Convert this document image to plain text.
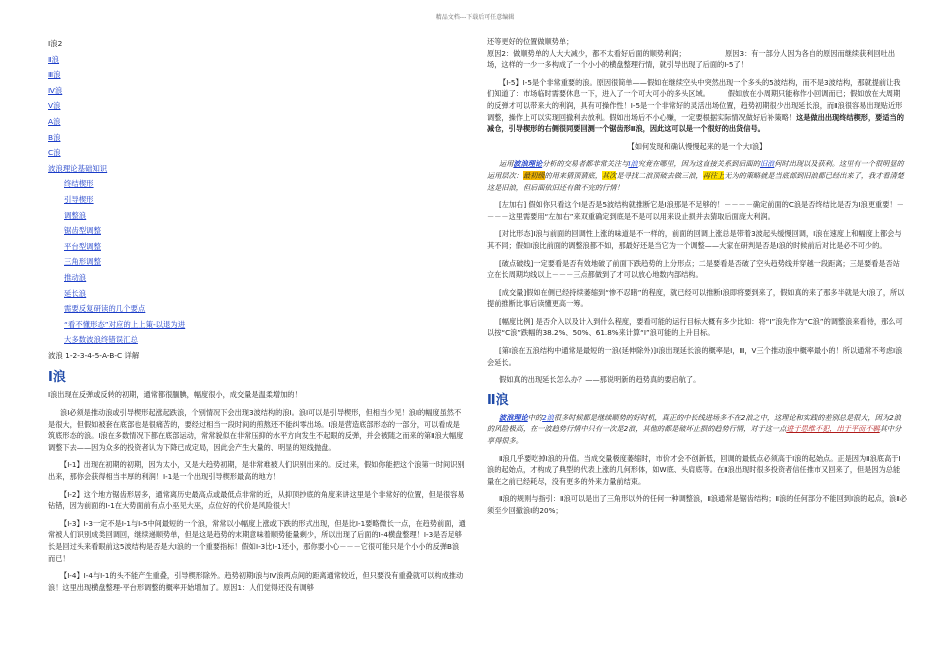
精品文档---下载后可任意编辑
Ⅰ浪2
Ⅱ浪
Ⅲ浪
Ⅳ浪
Ⅴ浪
A浪
B浪
C浪
波浪理论基础知识
终结楔形
引导楔形
调整浪
锯齿型调整
平台型调整
三角形调整
推动浪
延长浪
需要反复研读的几个要点
“看不懂形态”对应的上上策-以退为进
大多数波浪终错误汇总
波浪 1-2-3-4-5-A-B-C 详解
Ⅰ浪

Ⅰ浪出现在反弹或反转的初期，通常都很腼腆，幅度很小，成交量是温柔增加的！

浪Ⅰ必须是推动浪或引导楔形起涨起跌浪，个别情况下会出现3波结构的浪Ⅰ。浪Ⅰ可以是引导楔形，但相当少见！浪Ⅰ的幅度虽然不是很大，但假如被套在底部也是很痛苦的，要经过相当一段时间的煎熬还不能纠零出场。Ⅰ浪是营造底部形态的一部分，可以看成是筑底形态的浪。Ⅰ浪在多数情况下都在底部运动，常常貌似在非常压抑的水平方向发生不起眼的反弹，并会被随之而来的第Ⅱ浪大幅度调整下去——因为众多的投资者认为下降已成定局，因此会产生大量的、明显的短线抛盘。

【Ⅰ-1】出现在初期的初期，因为太小，又是大趋势初期，是非常难被人们识别出来的。反过来，假如你能把这个浪第一时间识别出来，那你会获得相当丰厚的利润！Ⅰ-1是一个出现引导楔形最高的地方！

【Ⅰ-2】这个地方锯齿形居多，通常离历史最高点或最低点非常的近，从抑顶抄底的角度来讲这里是个非常好的位置，但是很容易钻错，因为前面的Ⅰ-1在大势面前有点小巫见大巫，点位好的代价是风险很大！

【Ⅰ-3】Ⅰ-3一定不是Ⅰ-1与Ⅰ-5中间最短的一个浪，常常以小幅度上涨或下跌的形式出现，但是比Ⅰ-1要略微长一点，在趋势前面，通常被人们识别成类回调回，继续递顺势单，但是这是趋势的末期意味着顺势能量剩少，所以出现了后面的Ⅰ-4横盘整理！Ⅰ-3是否足够长是回过头来看眼前这5波结构是否是大Ⅰ浪的一个重要指标！假如Ⅰ-3比Ⅰ-1还小，那你要小心－－－它很可能只是个小小的反弹B浪而已！

【Ⅰ-4】Ⅰ-4与Ⅰ-1的头不能产生重叠，引导楔形除外。趋势初期Ⅰ浪与Ⅳ浪两点间的距离通常较近，但只要没有重叠就可以构成推动浪！这里出现横盘整理-平台形调整的概率开始增加了。原因1：人们觉得还没有调够

还等更好的位置做顺势单；
原因2：做顺势单的人大大减少，都不太看好后面的顺势利润；　　　　　　原因3：有一部分人因为各自的原因而继续获利回吐出场，这样的一少一多构成了一个小小的横盘整理行情，就引导出现了后面的Ⅰ-5了！

【Ⅰ-5】Ⅰ-5是个非常重要的浪。原因很简单——假如在继续空头中突然出现一个多头的5波结构，而不是3波结构，那就提前让我们知道了：市场临时需要休息一下，进入了一个可大可小的多头区域。　　　假如放在小周期只能称作小回调而已；假如放在大周期的反弹才可以带来大的利润，具有可操作性！Ⅰ-5是一个非常好的灵活出场位置，趋势初期很少出现延长浪，而Ⅱ浪很容易出现贴近形调整，操作上可以实现回撤利去放利。假如出场后不小心赚，一定要根据实际情况做好后补策略！这是做出出现终结楔形，要适当的减仓，引导楔形的右侧很同要回测一个锯齿形Ⅱ浪，因此这可以是一个很好的出货信号。

【如何发现和确认慢慢起来的是一个大Ⅰ浪】

运用波浪理论分析的交易者都非常关注与Ⅰ浪究竟在哪里，因为这直接关系到后面的旧浪何时出现以及获利。这里有一个很明显的运用层次：最初级的用来猜顶猜底，其次是寻找二浪顶破去做三浪，再往上无为的策略就是当底部到旧浪都已经出来了，我才看清楚这是旧浪，但后面依旧还有做不完的行情！

[左加右] 假如你只看这个Ⅰ是否是5波结构就推断它是Ⅰ浪那是不足够的！－－－－确定前面的C浪是否终结比是否为Ⅰ浪更重要！－－－－这里需要用“左加右”来双重确定到底是不是可以用来设止损并去猜取后面庞大利润。

[对比形态]Ⅰ浪与前面的回调性上涨的味道是不一样的，前面的回调上涨总是带着3波起头缓慢回调，Ⅰ浪在速度上和幅度上都会与其不同；假如Ⅰ浪比前面的调整浪都不如，那最好还是当它为一个调整——大家在研判是否是Ⅰ浪的时候前后对比是必不可少的。

[破点破线]一定要看是否有效地破了前面下跌趋势的上分形点；二是要看是否破了空头趋势线并穿越一段距离；三是要看是否站立在长周期均线以上－－－三点都做到了才可以放心地数内部结构。

[成交量]假如在侧已经持续萎缩到“惨不忍睹”的程度，就已经可以推断Ⅰ浪即将要到来了，假如真的来了那多半就是大Ⅰ浪了，所以提前推断比事后读懂更高一筹。

[幅度比例] 是否介入以及计入到什么程度，要看可能的运行目标大概有多少比如：将“Ⅰ”浪先作为“C浪”的调整浪来看待，那么可以按“C浪”跌幅的38.2%、50%、61.8%来计算“Ⅰ”浪可能的上升目标。

[第Ⅰ浪在五浪结构中通常是最短的一浪(延伸除外)]Ⅰ浪出现延长浪的概率是Ⅰ，Ⅲ，Ⅴ三个推动浪中概率最小的！所以通常不考虑Ⅰ浪会延长。

假如真的出现延长怎么办？——那说明新的趋势真的要启航了。

Ⅱ浪

波浪理论中的2浪很多时候都是继续顺势的好时机，真正的中长线进场多不在2浪之中，这理论和实践的差别总是很大，因为2浪的风险极高，在一波趋势行情中只有一次是2浪，其他的都是破坏止损的趋势行情，对于这一点进于思维不犯，出于平而不羁其中分享得很多。

Ⅱ浪几乎要吃掉Ⅰ浪的升值。当成交量极度萎缩时，市价才会不创新低，回调的最低点必须高于Ⅰ浪的起始点。正是因为Ⅱ浪底高于Ⅰ浪的起始点，才构成了典型的代表上涨的几何形体，如W底、头肩底等。在Ⅱ浪出现时很多投资者信任推市又回来了，但是因为总能量在之前已经耗尽，没有更多的外来力量前结束。

Ⅱ浪的规则与指引：Ⅱ浪可以是出了三角形以外的任何一种调整浪，Ⅱ浪通常是锯齿结构；Ⅱ浪的任何部分不能回到Ⅰ浪的起点，浪Ⅱ必须至少回撤浪Ⅰ的20%；
